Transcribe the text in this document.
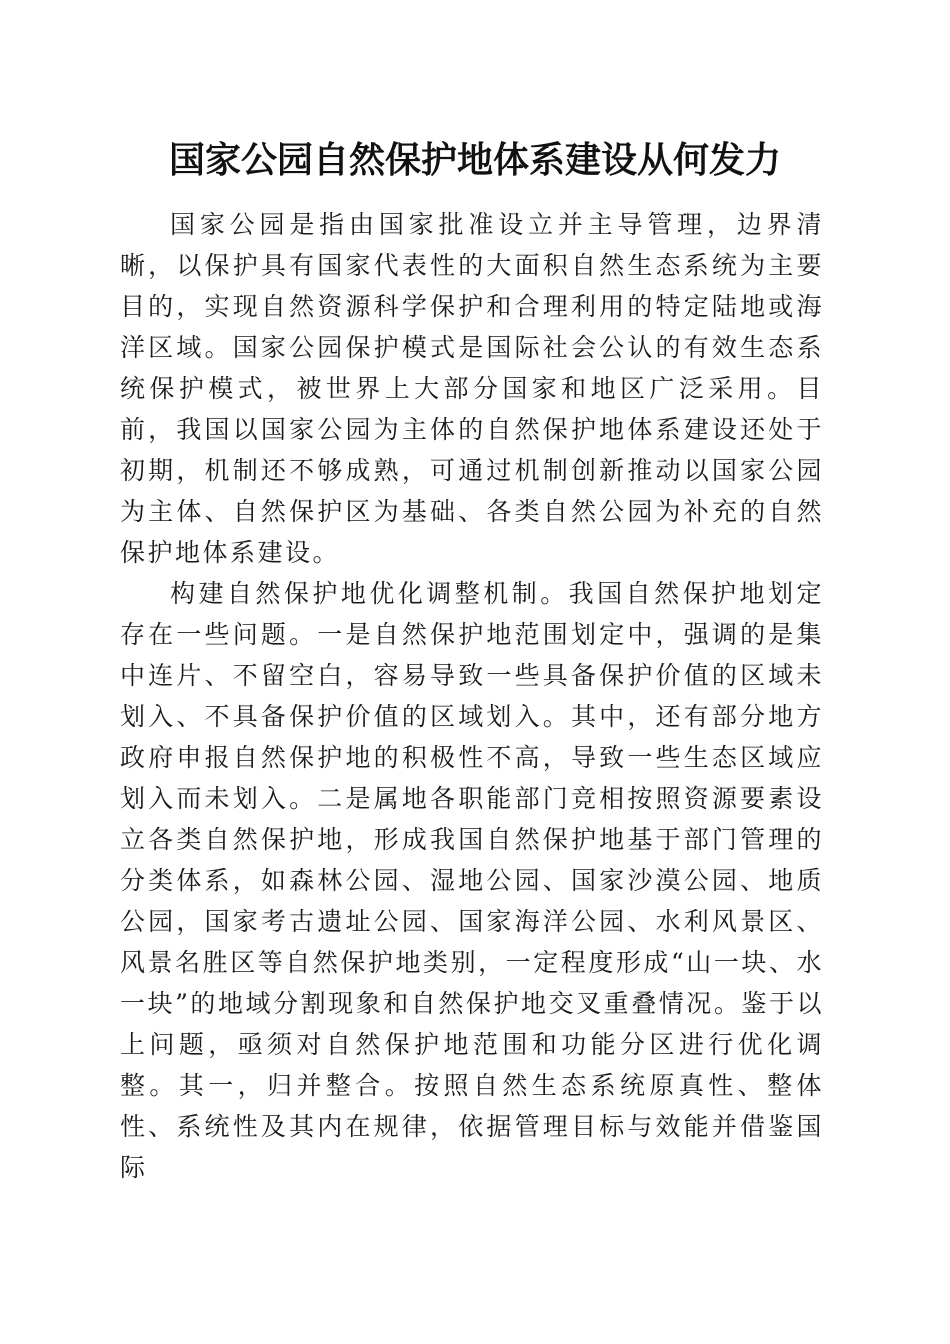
国家公园自然保护地体系建设从何发力

国家公园是指由国家批准设立并主导管理，边界清晰，以保护具有国家代表性的大面积自然生态系统为主要目的，实现自然资源科学保护和合理利用的特定陆地或海洋区域。国家公园保护模式是国际社会公认的有效生态系统保护模式，被世界上大部分国家和地区广泛采用。目前，我国以国家公园为主体的自然保护地体系建设还处于初期，机制还不够成熟，可通过机制创新推动以国家公园为主体、自然保护区为基础、各类自然公园为补充的自然保护地体系建设。

构建自然保护地优化调整机制。我国自然保护地划定存在一些问题。一是自然保护地范围划定中，强调的是集中连片、不留空白，容易导致一些具备保护价值的区域未划入、不具备保护价值的区域划入。其中，还有部分地方政府申报自然保护地的积极性不高，导致一些生态区域应划入而未划入。二是属地各职能部门竞相按照资源要素设立各类自然保护地，形成我国自然保护地基于部门管理的分类体系，如森林公园、湿地公园、国家沙漠公园、地质公园，国家考古遗址公园、国家海洋公园、水利风景区、风景名胜区等自然保护地类别，一定程度形成“山一块、水一块”的地域分割现象和自然保护地交叉重叠情况。鉴于以上问题，亟须对自然保护地范围和功能分区进行优化调整。其一，归并整合。按照自然生态系统原真性、整体性、系统性及其内在规律，依据管理目标与效能并借鉴国际
